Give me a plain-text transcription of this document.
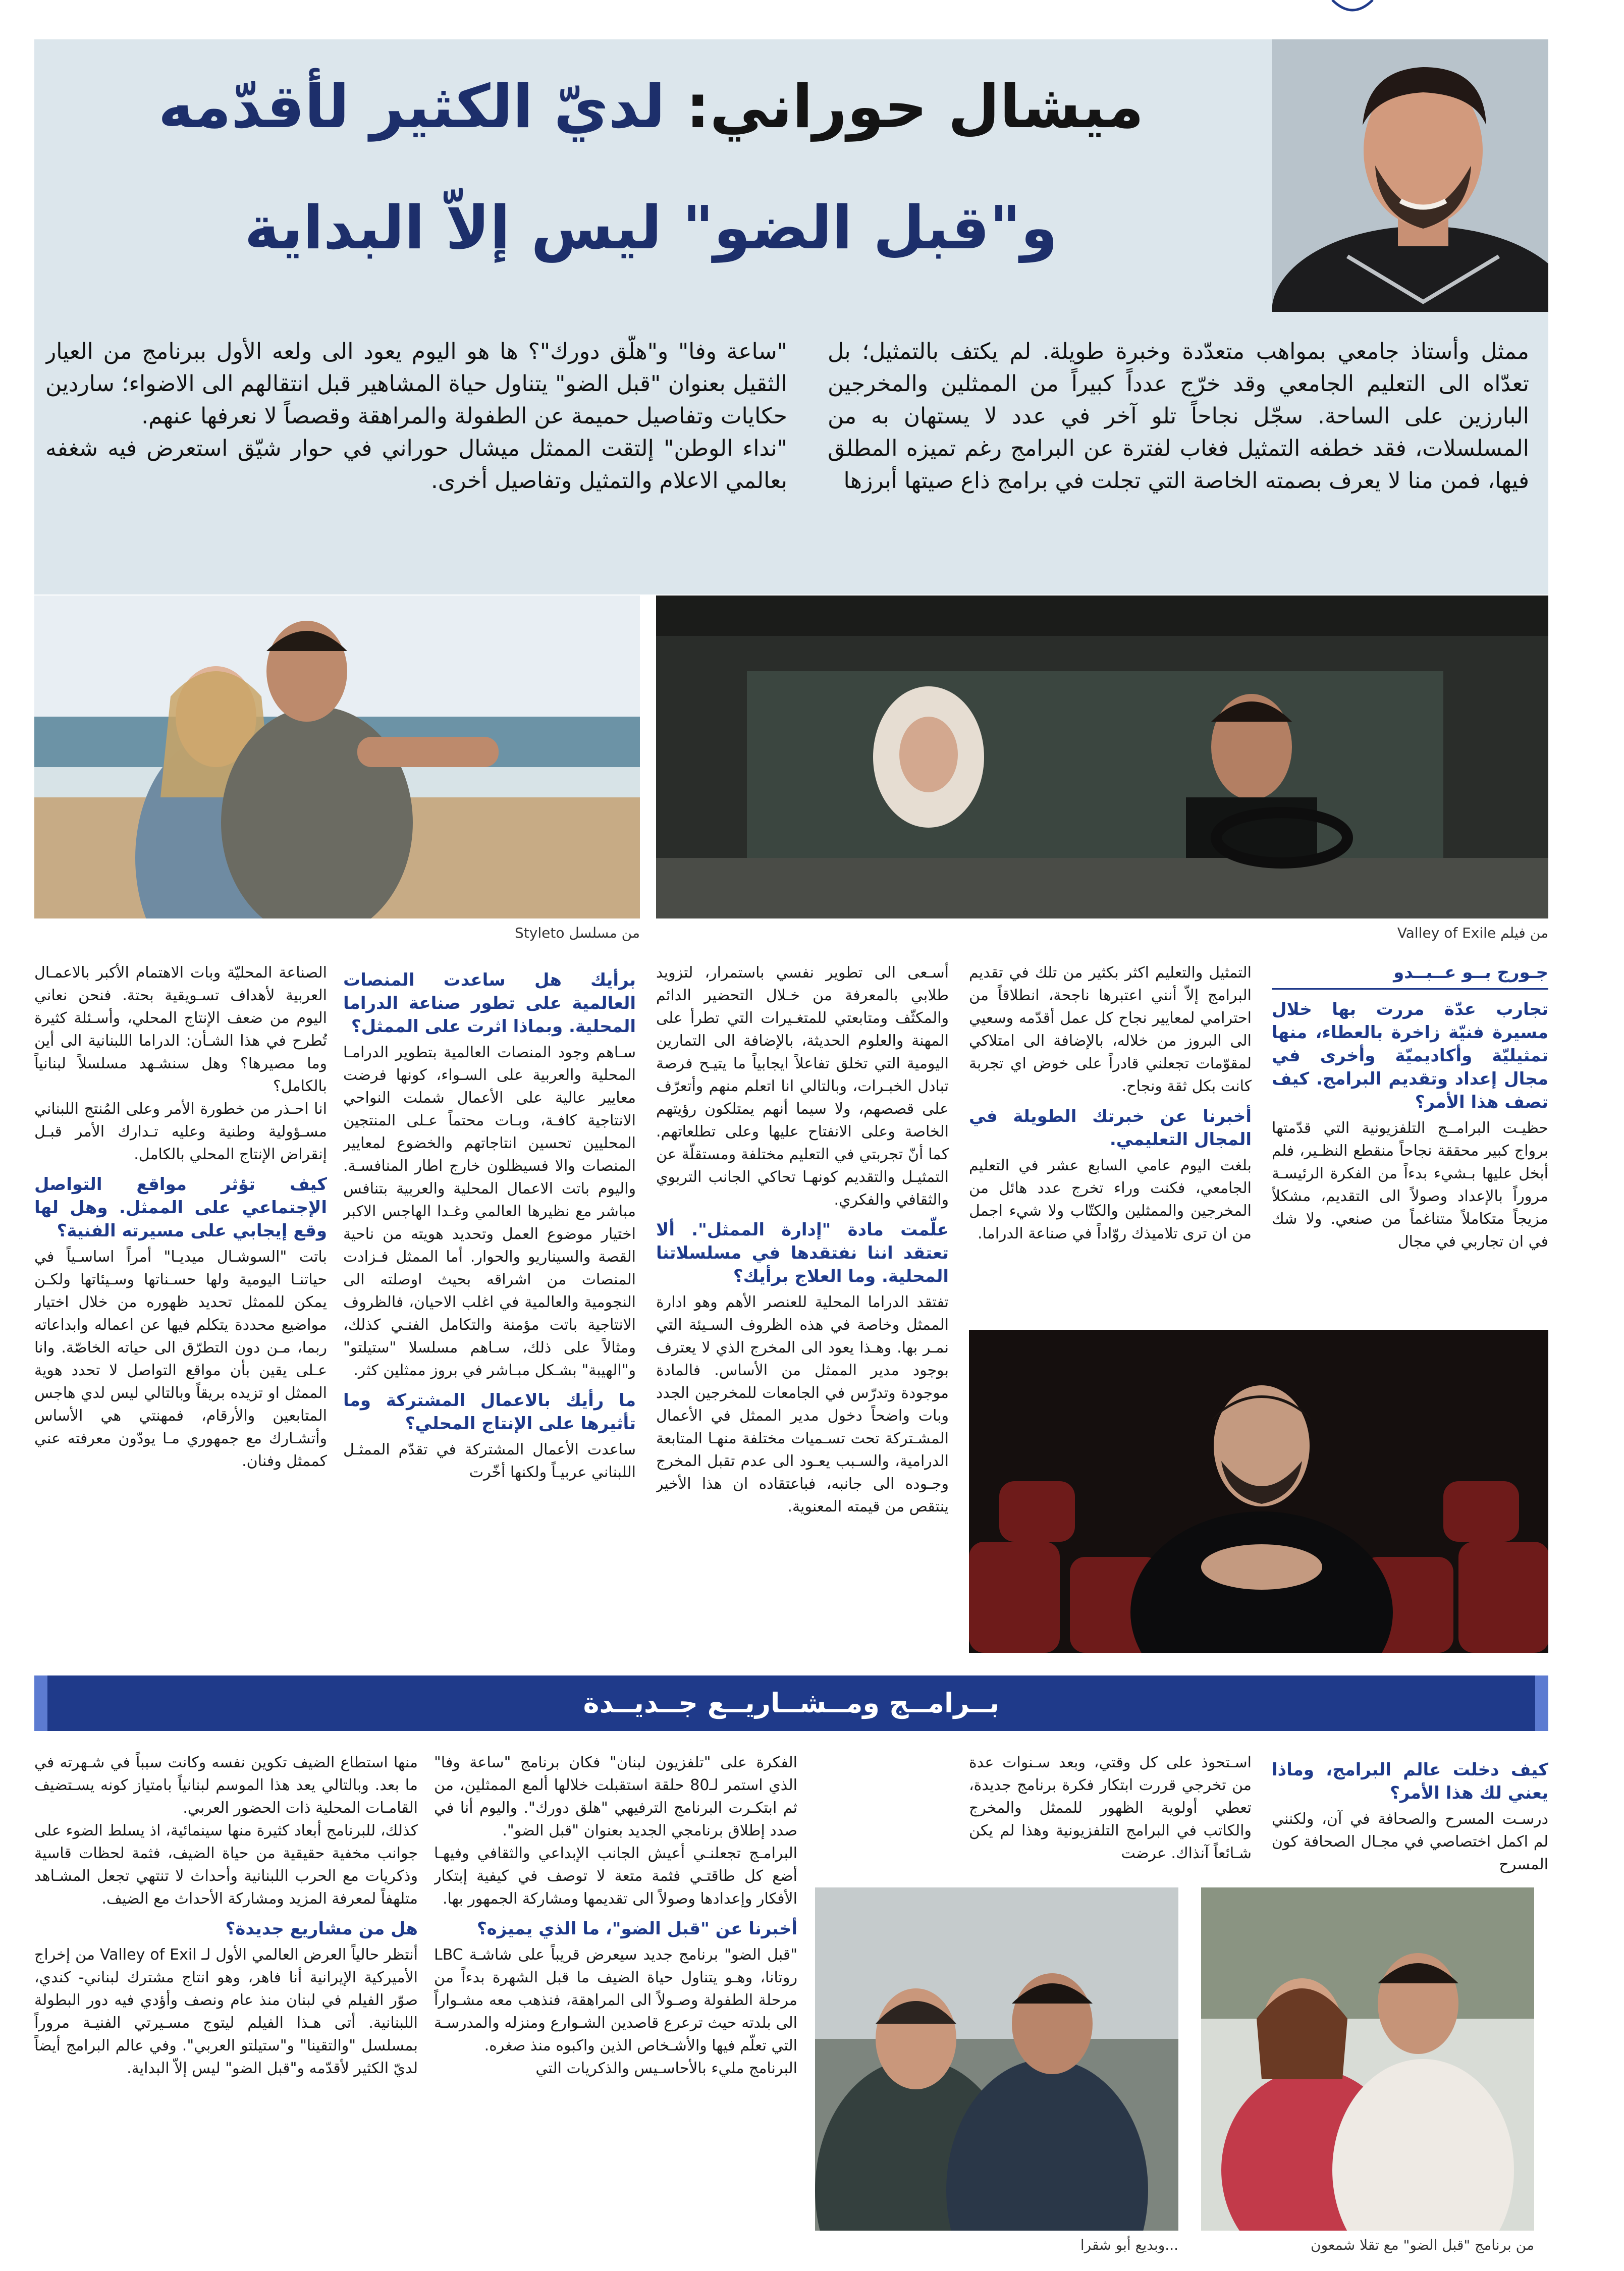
ميشال حوراني: لديّ الكثير لأقدّمه
و"قبل الضو" ليس إلاّ البداية
ممثل وأستاذ جامعي بمواهب متعدّدة وخبرة طويلة. لم يكتف بالتمثيل؛ بل تعدّاه الى التعليم الجامعي وقد خرّج عدداً كبيراً من الممثلين والمخرجين البارزين على الساحة. سجّل نجاحاً تلو آخر في عدد لا يستهان به من المسلسلات، فقد خطفه التمثيل فغاب لفترة عن البرامج رغم تميزه المطلق فيها، فمن منا لا يعرف بصمته الخاصة التي تجلت في برامج ذاع صيتها أبرزها

"ساعة وفا" و"هلّق دورك"؟ ها هو اليوم يعود الى ولعه الأول ببرنامج من العيار الثقيل بعنوان "قبل الضو" يتناول حياة المشاهير قبل انتقالهم الى الاضواء؛ ساردين حكايات وتفاصيل حميمة عن الطفولة والمراهقة وقصصاً لا نعرفها عنهم.

"نداء الوطن" إلتقت الممثل ميشال حوراني في حوار شيّق استعرض فيه شغفه بعالمي الاعلام والتمثيل وتفاصيل أخرى.

من فيلم Valley of Exile
من مسلسل Styleto
جـورج بــو عــبــدو
تجارب عدّة مررت بها خلال مسيرة فنيّة زاخرة بالعطاء، منها تمثيليّة وأكاديميّة وأخرى في مجال إعداد وتقديم البرامج. كيف تصف هذا الأمر؟

حظيـت البرامــج التلفزيونية التي قدّمتها برواج كبير محققة نجاحاً منقطع النظـير، فلم أبخل عليها بـشيء بدءاً من الفكرة الرئيسـة مروراً بالإعداد وصولاً الى التقديم، مشكلاً مزيجاً متكاملاً متناغماً من صنعي. ولا شك في ان تجاربي في مجال

التمثيل والتعليم اكثر بكثير من تلك في تقديم البرامج إلاّ أنني اعتبرها ناجحة، انطلاقاً من احترامي لمعايير نجاح كل عمل أقدّمه وسعيي الى البروز من خلاله، بالإضافة الى امتلاكي لمقوّمات تجعلني قادراً على خوض اي تجربة كانت بكل ثقة ونجاح.

أخبرنا عن خبرتك الطويلة في المجال التعليمي.

بلغت اليوم عامي السابع عشر في التعليم الجامعي، فكنت وراء تخرج عدد هائل من المخرجين والممثلين والكتّاب ولا شيء اجمل من ان ترى تلاميذك روّاداً في صناعة الدراما.

أسـعى الى تطوير نفسي باستمرار، لتزويد طلابي بالمعرفة من خـلال التحضير الدائم والمكثّف ومتابعتي للمتغـيرات التي تطرأ على المهنة والعلوم الحديثة، بالإضافة الى التمارين اليومية التي تخلق تفاعلاً ايجابياً ما يتيـح فرصة تبادل الخبـرات، وبالتالي انا اتعلم منهم وأتعرّف على قصصهم، ولا سيما أنهم يمتلكون رؤيتهم الخاصة وعلى الانفتاح عليها وعلى تطلعاتهم. كما أنّ تجربتي في التعليم مختلفة ومستقلّة عن التمثيـل والتقديم كونهـا تحاكي الجانب التربوي والثقافي والفكري.

علّمت مادة "إدارة الممثل". ألا تعتقد اننا نفتقدها في مسلسلاتنا المحلية. وما العلاج برأيك؟

تفتقد الدراما المحلية للعنصر الأهم وهو ادارة الممثل وخاصة في هذه الظروف السـيئة التي نمـر بها. وهـذا يعود الى المخرج الذي لا يعترف بوجود مدير الممثل من الأساس. فالمادة موجودة وتدرّس في الجامعات للمخرجين الجدد وبات واضحاً دخول مدير الممثل في الأعمال المشـتركة تحت تسـميات مختلفة منهـا المتابعة الدرامية، والسـبب يعـود الى عدم تقبل المخرج وجـوده الى جانبه، فباعتقاده ان هذا الأخير ينتقص من قيمته المعنوية.

برأيك هل ساعدت المنصات العالمية على تطور صناعة الدراما المحلية. وبماذا اثرت على الممثل؟

سـاهم وجود المنصات العالمية بتطوير الدرامـا المحلية والعربية على السـواء، كونها فرضت معايير عالية على الأعمال شملت النواحي الانتاجية كافـة، وبـات محتماً عـلى المنتجين المحليين تحسين انتاجاتهم والخضوع لمعايير المنصات والا فسيظلون خارج اطار المنافسـة. واليوم باتت الاعمال المحلية والعربية بتنافس مباشر مع نظيرها العالمي وغـدا الهاجس الاكبر اختيار موضوع العمل وتحديد هويته من ناحية القصة والسيناريو والحوار. أما الممثل فـزادت المنصات من اشراقه بحيث اوصلته الى النجومية والعالمية في اغلب الاحيان، فالظروف الانتاجية باتت مؤمنة والتكامل الفنـي كذلك، ومثالاً على ذلك، سـاهم مسلسلا "ستيلتو" و"الهيبة" بشـكل مبـاشر في بروز ممثلين كثر.

ما رأيك بالاعمال المشتركة وما تأثيرها على الإنتاج المحلي؟

ساعدت الأعمال المشتركة في تقدّم الممثـل اللبناني عربيـاً ولكنها أخّرت

الصناعة المحليّة وبات الاهتمام الأكبر بالاعمـال العربية لأهداف تسـويقية بحتة. فنحن نعاني اليوم من ضعف الإنتاج المحلي، وأسـئلة كثيرة تُطرح في هذا الشـأن: الدراما اللبنانية الى أين وما مصيرها؟ وهل سنشـهد مسلسلاً لبنانياً بالكامل؟

انا احـذر من خطورة الأمر وعلى المُنتج اللبناني مسـؤولية وطنية وعليه تـدارك الأمر قبـل إنقراض الإنتاج المحلي بالكامل.

كيف تؤثر مواقع التواصل الإجتماعي على الممثل. وهل لها وقع إيجابي على مسيرته الفنية؟

باتت "السوشـال ميديـا" أمراً اساسـياً في حياتنـا اليومية ولها حسـناتها وسـيئاتها ولكـن يمكن للممثل تحديد ظهوره من خلال اختيار مواضيع محددة يتكلم فيها عن اعماله وابداعاته ربما، مـن دون التطرّق الى حياته الخاصّة. وانا عـلى يقين بأن مواقع التواصل لا تحدد هوية الممثل او تزيده بريقاً وبالتالي ليس لدي هاجس المتابعين والأرقام، فمهنتي هي الأساس وأتشـارك مع جمهوري مـا يودّون معرفته عني كممثل وفنان.

بــرامــج ومــشــاريــع جــديــدة
كيف دخلت عالم البرامج، وماذا يعني لك هذا الأمر؟

درسـت المسرح والصحافة في آن، ولكنني لم اكمل اختصاصي في مجـال الصحافة كون المسرح

اسـتحوذ على كل وقتي، وبعد سـنوات عدة من تخرجي قررت ابتكار فكرة برنامج جديدة، تعطي أولوية الظهور للممثل والمخرج والكاتب في البرامج التلفزيونية وهذا لم يكن شـائعاً آنذاك. عرضت

من برنامج "قبل الضو" مع تقلا شمعون
...وبديع أبو شقرا

الفكرة على "تلفزيون لبنان" فكان برنامج "ساعة وفا" الذي استمر لـ80 حلقة استقبلت خلالها ألمع الممثلين، من ثم ابتكـرت البرنامج الترفيهي "هلق دورك". واليوم أنا في صدد إطلاق برنامجي الجديد بعنوان "قبل الضو".

البرامـج تجعلنـي أعيش الجانب الإبداعي والثقافي وفيهـا أضع كل طاقتـي فثمة متعة لا توصف في كيفية إبتكار الأفكار وإعدادها وصولاً الى تقديمها ومشاركة الجمهور بها.

أخبرنا عن "قبل الضو"، ما الذي يميزه؟

"قبل الضو" برنامج جديد سيعرض قريباً على شاشـة LBC روتانا، وهـو يتناول حياة الضيف ما قبل الشهرة بدءاً من مرحلة الطفولة وصـولاً الى المراهقة، فنذهب معه مشـواراً الى بلدته حيث ترعرع قاصدين الشـوارع ومنزله والمدرسـة التي تعلّم فيها والأشـخاص الذين واكبوه منذ صغره.

البرنامج مليء بالأحاسـيس والذكريات التي

منها استطاع الضيف تكوين نفسه وكانت سبباً في شـهرته في ما بعد. وبالتالي يعد هذا الموسم لبنانياً بامتياز كونه يسـتضيف القامـات المحلية ذات الحضور العربي.

كذلك، للبرنامج أبعاد كثيرة منها سينمائية، اذ يسلط الضوء على جوانب مخفية حقيقية من حياة الضيف، فثمة لحظات قاسية وذكريات مع الحرب اللبنانية وأحداث لا تنتهي تجعل المشـاهد متلهفاً لمعرفة المزيد ومشاركة الأحداث مع الضيف.

هل من مشاريع جديدة؟

أنتظر حالياً العرض العالمي الأول لـ Valley of Exil من إخراج الأميركية الإيرانية أنا فاهر، وهو انتاج مشترك لبناني- كندي، صوّر الفيلم في لبنان منذ عام ونصف وأؤدي فيه دور البطولة اللبنانية. أتى هـذا الفيلم ليتوج مسـيرتي الفنيـة مروراً بمسلسل "والتقينا" و"ستيلتو العربي". وفي عالم البرامج أيضاً لديّ الكثير لأقدّمه و"قبل الضو" ليس إلاّ البداية.
